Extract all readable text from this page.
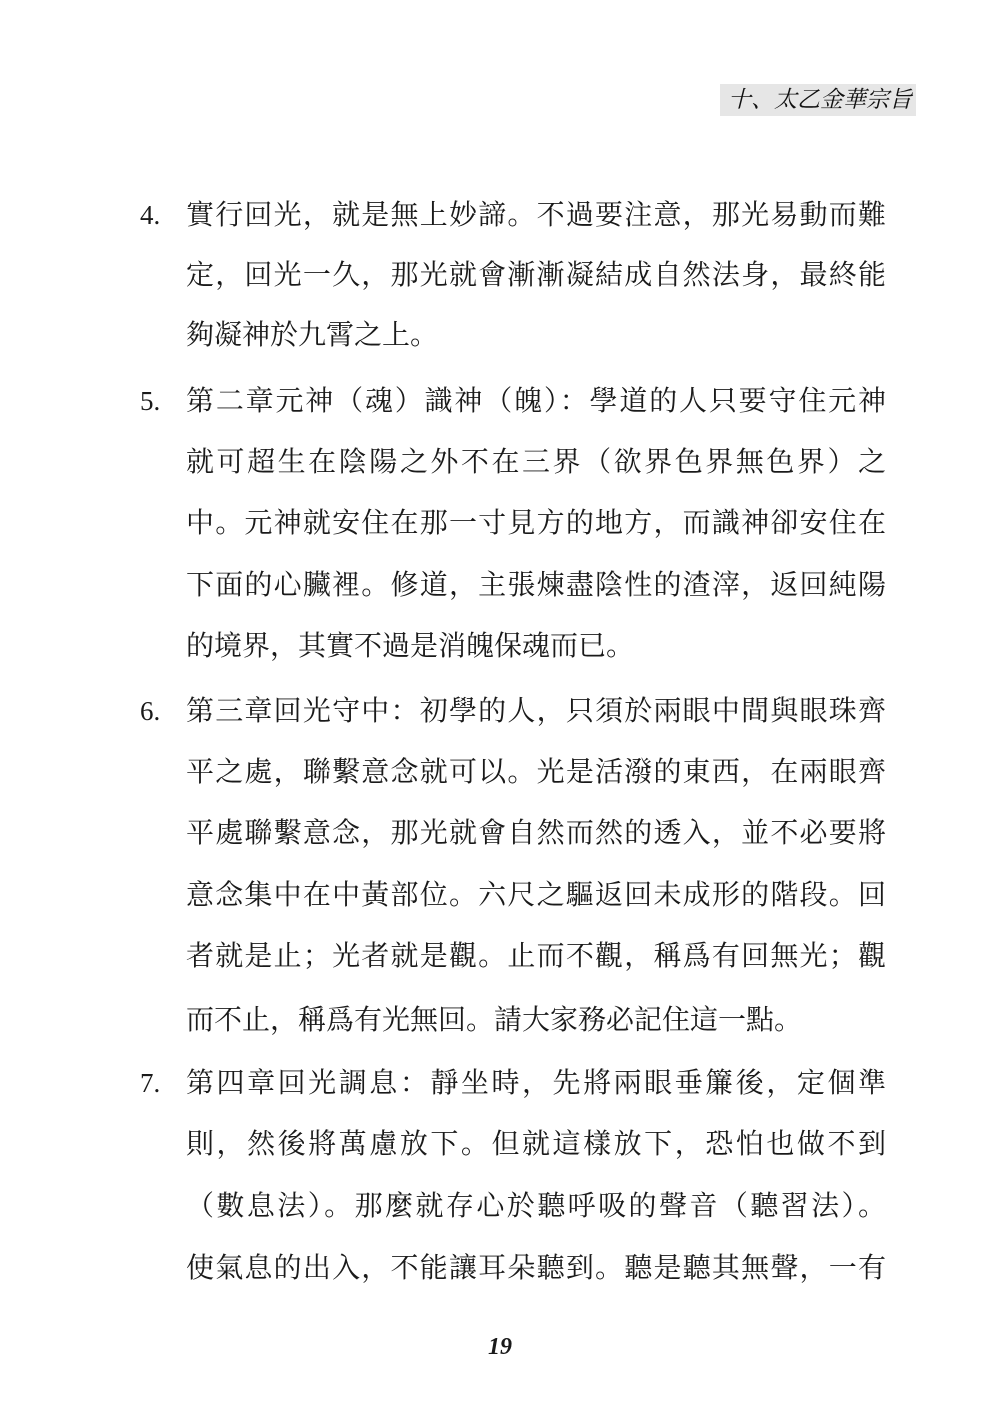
十、太乙金華宗旨
4. 實行回光，就是無上妙諦。不過要注意，那光易動而難
定，回光一久，那光就會漸漸凝結成自然法身，最終能
夠凝神於九霄之上。
5. 第二章元神（魂）識神（魄）：學道的人只要守住元神
就可超生在陰陽之外不在三界（欲界色界無色界）之
中。元神就安住在那一寸見方的地方，而識神卻安住在
下面的心臟裡。修道，主張煉盡陰性的渣滓，返回純陽
的境界，其實不過是消魄保魂而已。
6. 第三章回光守中：初學的人，只須於兩眼中間與眼珠齊
平之處，聯繫意念就可以。光是活潑的東西，在兩眼齊
平處聯繫意念，那光就會自然而然的透入，並不必要將
意念集中在中黃部位。六尺之驅返回未成形的階段。回
者就是止；光者就是觀。止而不觀，稱爲有回無光；觀
而不止，稱爲有光無回。請大家務必記住這一點。
7. 第四章回光調息：靜坐時，先將兩眼垂簾後，定個準
則，然後將萬慮放下。但就這樣放下，恐怕也做不到
（數息法）。那麼就存心於聽呼吸的聲音（聽習法）。
使氣息的出入，不能讓耳朵聽到。聽是聽其無聲，一有
19
